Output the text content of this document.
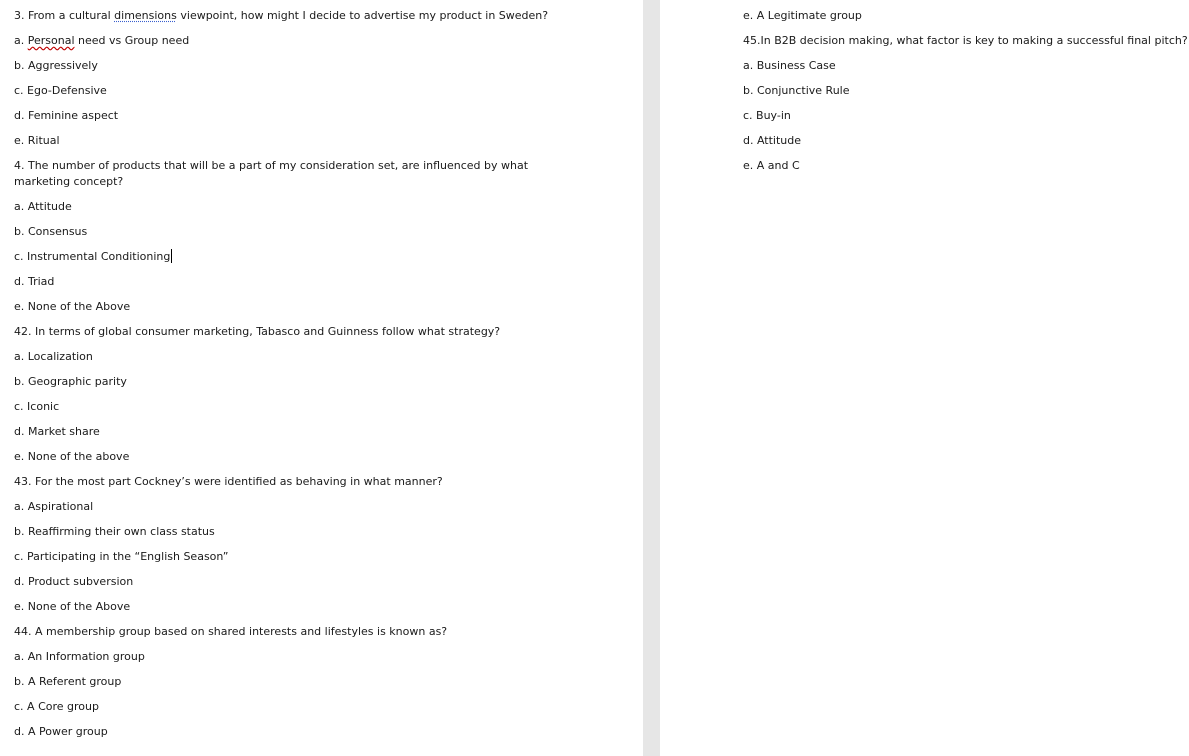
3. From a cultural dimensions viewpoint, how might I decide to advertise my product in Sweden?
a. Personal need vs Group need
b. Aggressively
c. Ego-Defensive
d. Feminine aspect
e. Ritual
4. The number of products that will be a part of my consideration set, are influenced by what marketing concept?
a. Attitude
b. Consensus
c. Instrumental Conditioning
d. Triad
e. None of the Above
42. In terms of global consumer marketing, Tabasco and Guinness follow what strategy?
a. Localization
b. Geographic parity
c. Iconic
d. Market share
e. None of the above
43. For the most part Cockney’s were identified as behaving in what manner?
a. Aspirational
b. Reaffirming their own class status
c. Participating in the “English Season”
d. Product subversion
e. None of the Above
44. A membership group based on shared interests and lifestyles is known as?
a. An Information group
b. A Referent group
c. A Core group
d. A Power group
e. A Legitimate group
45.In B2B decision making, what factor is key to making a successful final pitch?
a. Business Case
b. Conjunctive Rule
c. Buy-in
d. Attitude
e. A and C
